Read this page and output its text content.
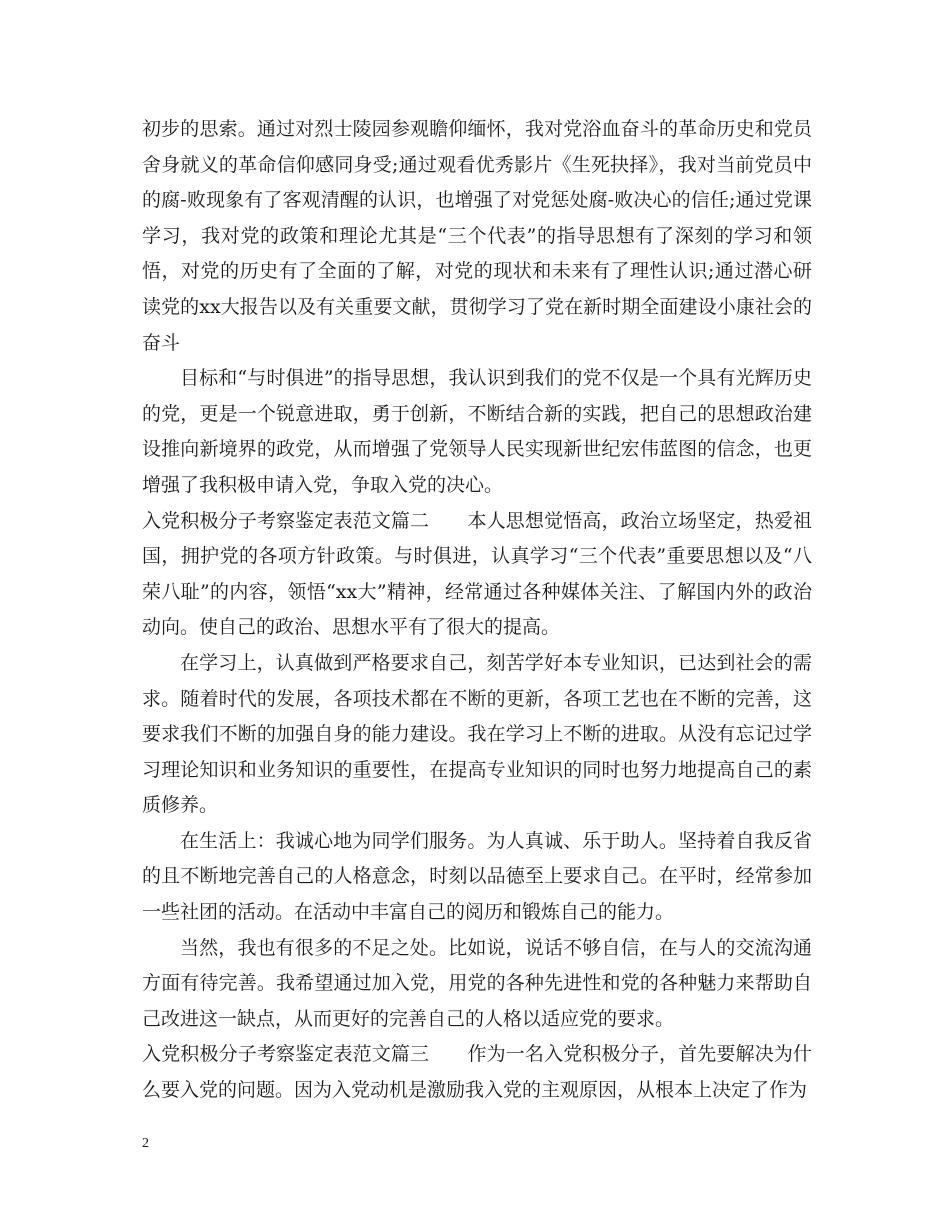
初步的思索。通过对烈士陵园参观瞻仰缅怀，我对党浴血奋斗的革命历史和党员舍身就义的革命信仰感同身受;通过观看优秀影片《生死抉择》，我对当前党员中的腐-败现象有了客观清醒的认识，也增强了对党惩处腐-败决心的信任;通过党课学习，我对党的政策和理论尤其是“三个代表”的指导思想有了深刻的学习和领悟，对党的历史有了全面的了解，对党的现状和未来有了理性认识;通过潜心研读党的xx大报告以及有关重要文献，贯彻学习了党在新时期全面建设小康社会的奋斗

目标和“与时俱进”的指导思想，我认识到我们的党不仅是一个具有光辉历史的党，更是一个锐意进取，勇于创新，不断结合新的实践，把自己的思想政治建设推向新境界的政党，从而增强了党领导人民实现新世纪宏伟蓝图的信念，也更增强了我积极申请入党，争取入党的决心。

入党积极分子考察鉴定表范文篇二　　本人思想觉悟高，政治立场坚定，热爱祖国，拥护党的各项方针政策。与时俱进，认真学习“三个代表”重要思想以及“八荣八耻”的内容，领悟“xx大”精神，经常通过各种媒体关注、了解国内外的政治动向。使自己的政治、思想水平有了很大的提高。

在学习上，认真做到严格要求自己，刻苦学好本专业知识，已达到社会的需求。随着时代的发展，各项技术都在不断的更新，各项工艺也在不断的完善，这要求我们不断的加强自身的能力建设。我在学习上不断的进取。从没有忘记过学习理论知识和业务知识的重要性，在提高专业知识的同时也努力地提高自己的素质修养。

在生活上：我诚心地为同学们服务。为人真诚、乐于助人。坚持着自我反省的且不断地完善自己的人格意念，时刻以品德至上要求自己。在平时，经常参加一些社团的活动。在活动中丰富自己的阅历和锻炼自己的能力。

当然，我也有很多的不足之处。比如说，说话不够自信，在与人的交流沟通方面有待完善。我希望通过加入党，用党的各种先进性和党的各种魅力来帮助自己改进这一缺点，从而更好的完善自己的人格以适应党的要求。

入党积极分子考察鉴定表范文篇三　　作为一名入党积极分子，首先要解决为什么要入党的问题。因为入党动机是激励我入党的主观原因，从根本上决定了作为

2
